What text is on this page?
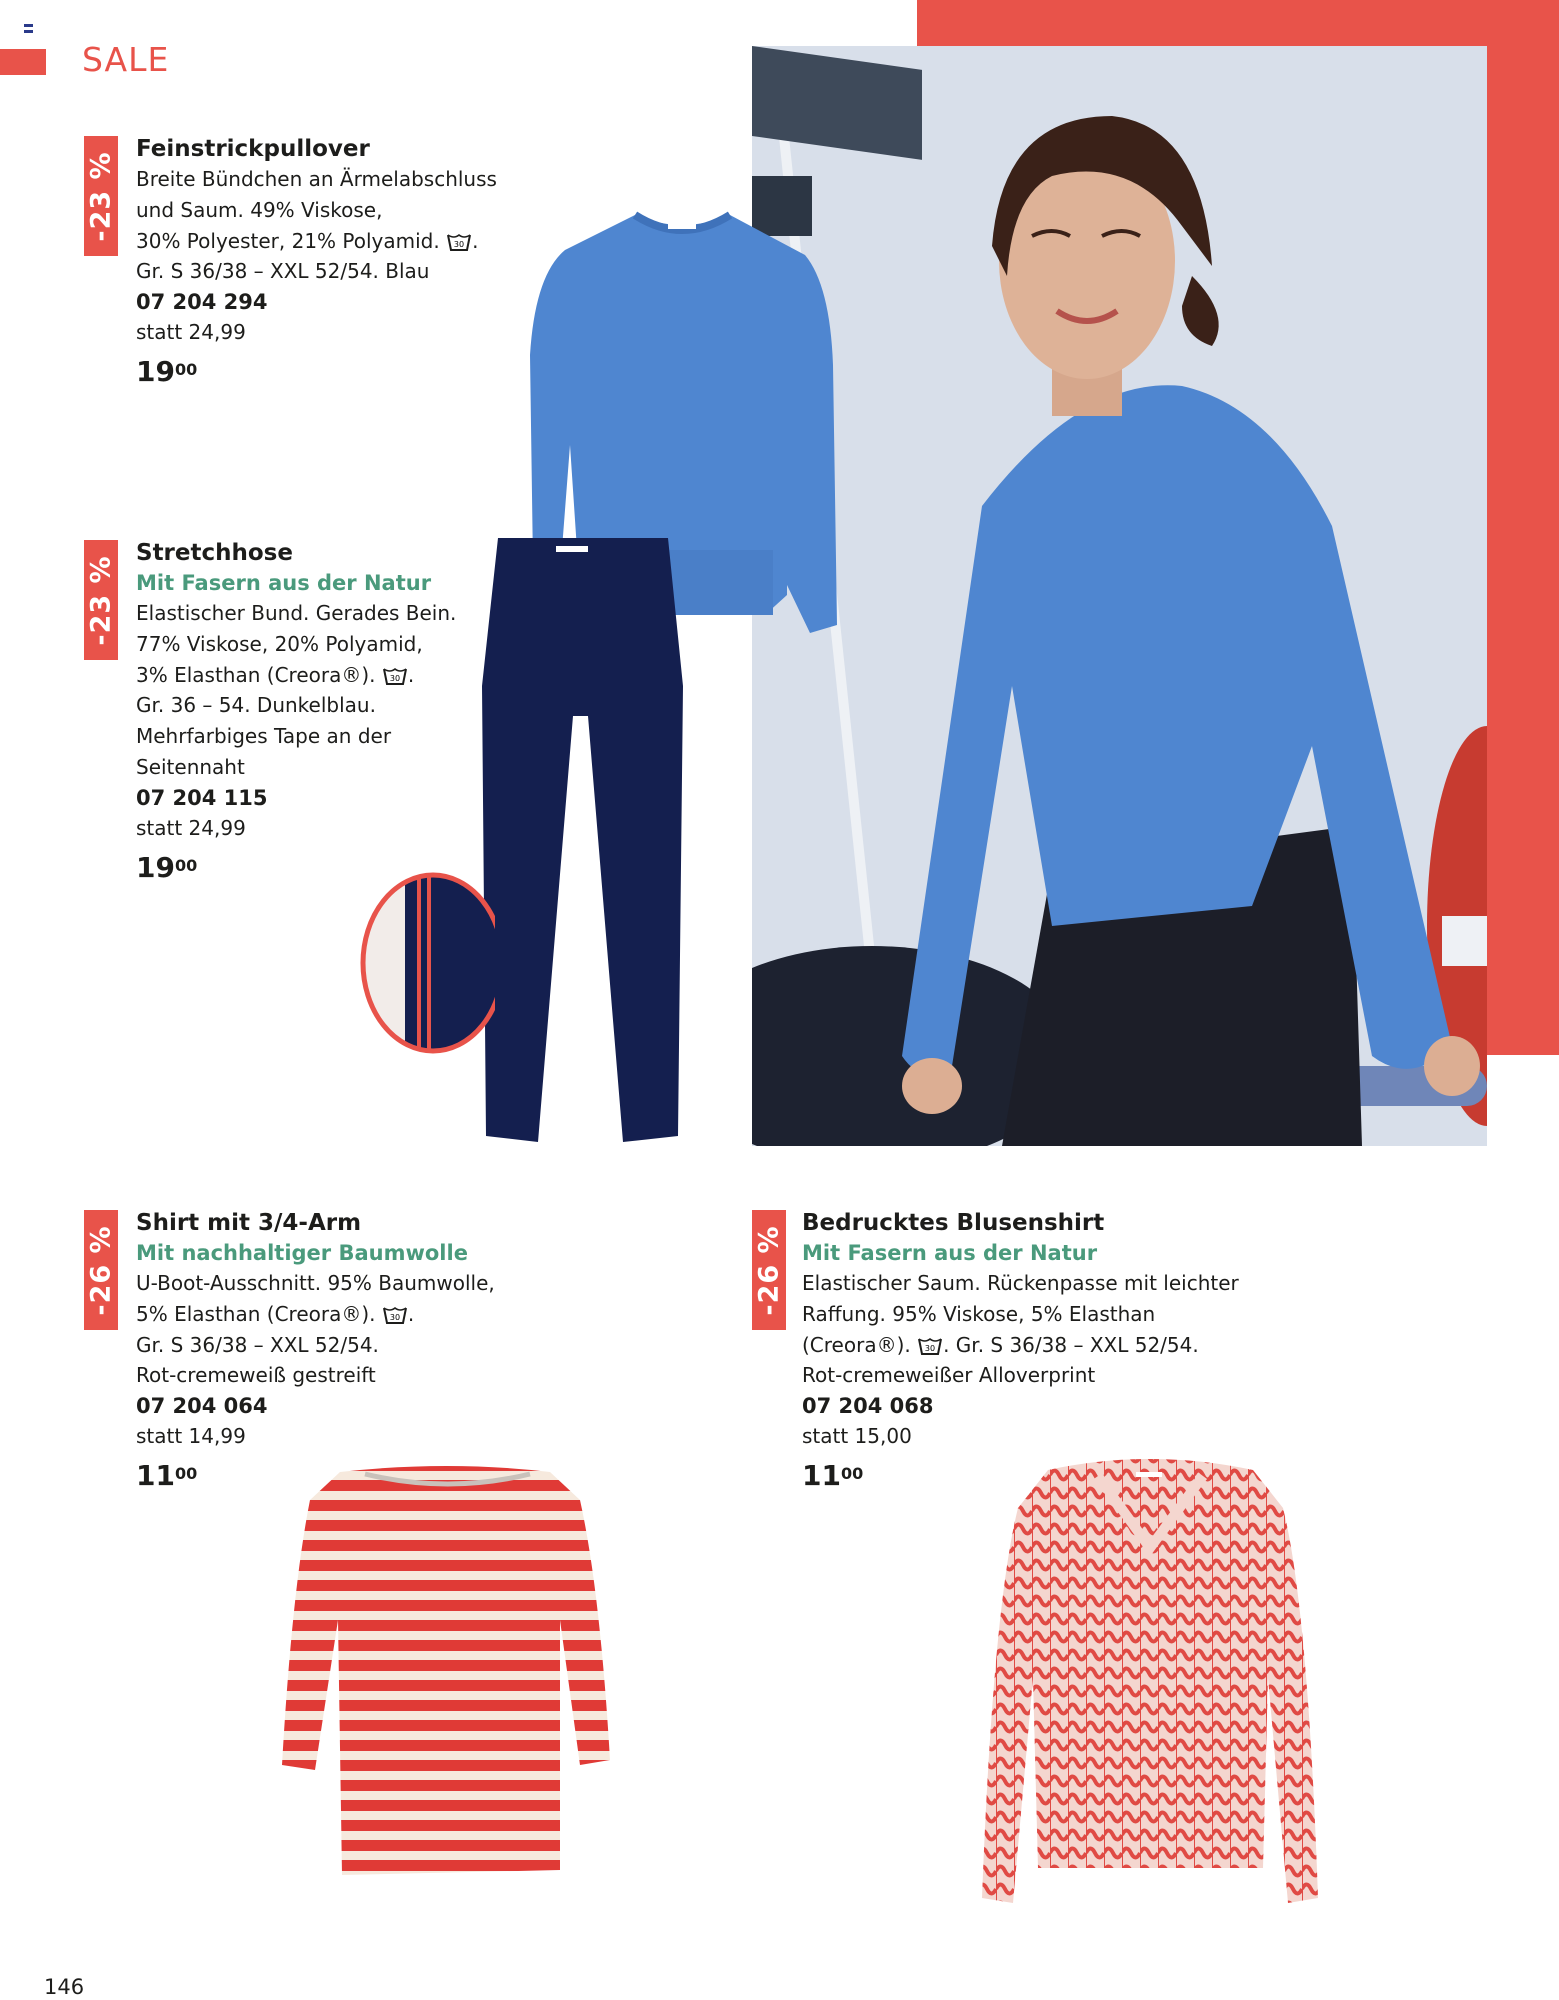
SALE
-23 %
Feinstrickpullover
Breite Bündchen an Ärmelabschluss
und Saum. 49% Viskose,
30% Polyester, 21% Polyamid. 30 .
Gr. S 36/38 – XXL 52/54. Blau
07 204 294
statt 24,99
$19^{00}$
-23 %
Stretchhose
Mit Fasern aus der Natur
Elastischer Bund. Gerades Bein.
77% Viskose, 20% Polyamid,
3% Elasthan (Creora®). 30 .
Gr. 36 – 54. Dunkelblau.
Mehrfarbiges Tape an der
Seitennaht
07 204 115
statt 24,99
$19^{00}$
-26 %
Shirt mit 3/4-Arm
Mit nachhaltiger Baumwolle
U-Boot-Ausschnitt. 95% Baumwolle,
5% Elasthan (Creora®). 30 .
Gr. S 36/38 – XXL 52/54.
Rot-cremeweiß gestreift
07 204 064
statt 14,99
$11^{00}$
-26 %
Bedrucktes Blusenshirt
Mit Fasern aus der Natur
Elastischer Saum. Rückenpasse mit leichter
Raffung. 95% Viskose, 5% Elasthan
(Creora®). 30 . Gr. S 36/38 – XXL 52/54.
Rot-cremeweißer Alloverprint
07 204 068
statt 15,00
$11^{00}$
146
